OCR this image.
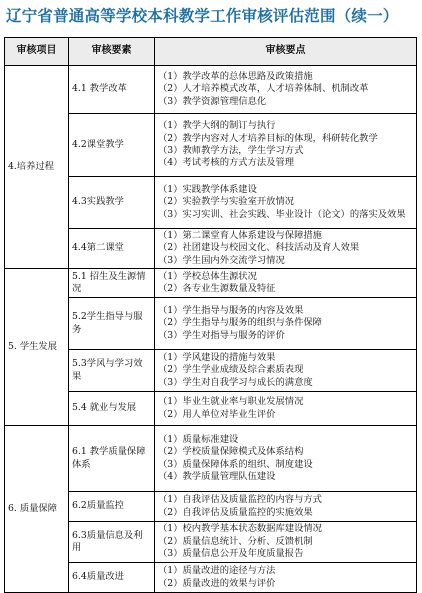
辽宁省普通高等学校本科教学工作审核评估范围（续一）
审核项目	审核要素	审核要点
4.培养过程	4.1 教学改革	（1）教学改革的总体思路及政策措施
（2）人才培养模式改革，人才培养体制、机制改革
（3）教学资源管理信息化

	4.2课堂教学	（1）教学大纲的制订与执行
（2）教学内容对人才培养目标的体现，科研转化教学
（3）教师教学方法，学生学习方式
（4）考试考核的方式方法及管理

	4.3实践教学	（1）实践教学体系建设
（2）实验教学与实验室开放情况
（3）实习实训、社会实践、毕业设计（论文）的落实及效果

	4.4第二课堂	（1）第二课堂育人体系建设与保障措施
（2）社团建设与校园文化、科技活动及育人效果
（3）学生国内外交流学习情况

5. 学生发展	5.1 招生及生源情况	（1）学校总体生源状况
（2）各专业生源数量及特征

	5.2学生指导与服务	（1）学生指导与服务的内容及效果
（2）学生指导与服务的组织与条件保障
（3）学生对指导与服务的评价

	5.3学风与学习效果	（1）学风建设的措施与效果
（2）学生学业成绩及综合素质表现
（3）学生对自我学习与成长的满意度

	5.4 就业与发展	（1）毕业生就业率与职业发展情况
（2）用人单位对毕业生评价

6. 质量保障	6.1 教学质量保障体系	（1）质量标准建设
（2）学校质量保障模式及体系结构
（3）质量保障体系的组织、制度建设
（4）教学质量管理队伍建设

	6.2质量监控	（1）自我评估及质量监控的内容与方式
（2）自我评估及质量监控的实施效果

	6.3质量信息及利用	（1）校内教学基本状态数据库建设情况
（2）质量信息统计、分析、反馈机制
（3）质量信息公开及年度质量报告

	6.4质量改进	（1）质量改进的途径与方法
（2）质量改进的效果与评价
